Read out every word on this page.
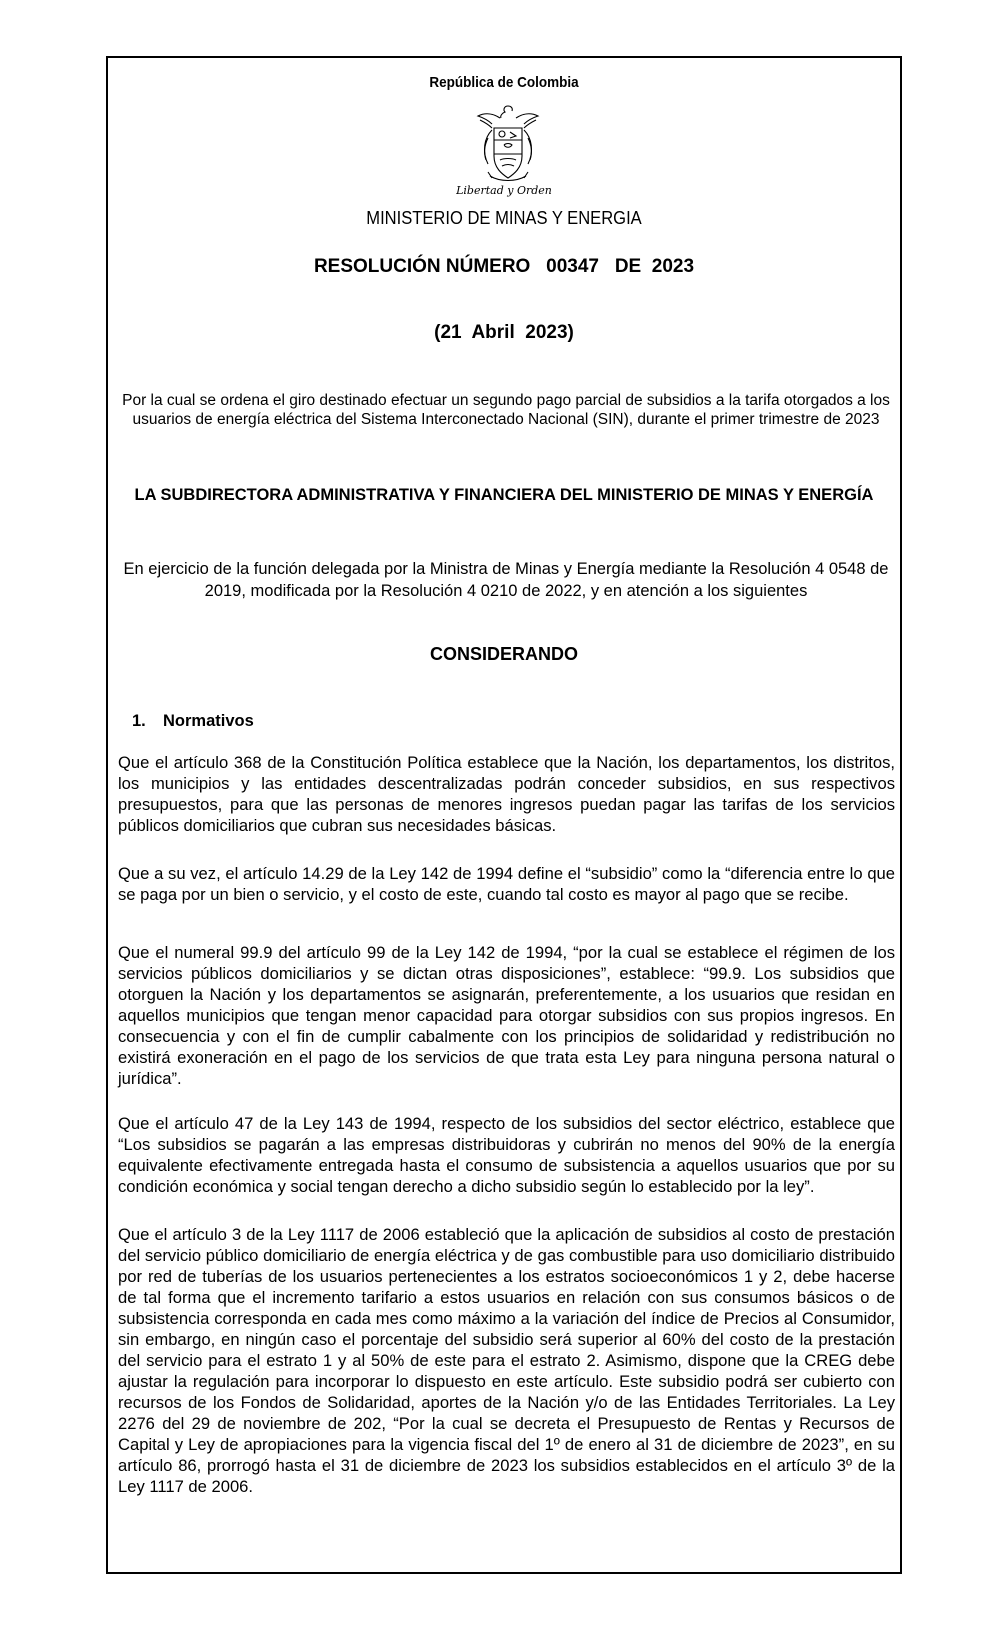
República de Colombia
Libertad y Orden
MINISTERIO DE MINAS Y ENERGIA
RESOLUCIÓN NÚMERO   00347   DE  2023
(21  Abril  2023)
Por la cual se ordena el giro destinado efectuar un segundo pago parcial de subsidios a la tarifa otorgados a los usuarios de energía eléctrica del Sistema Interconectado Nacional (SIN), durante el primer trimestre de 2023
LA SUBDIRECTORA ADMINISTRATIVA Y FINANCIERA DEL MINISTERIO DE MINAS Y ENERGÍA
En ejercicio de la función delegada por la Ministra de Minas y Energía mediante la Resolución 4 0548 de 2019, modificada por la Resolución 4 0210 de 2022, y en atención a los siguientes
CONSIDERANDO
1. Normativos
Que el artículo 368 de la Constitución Política establece que la Nación, los departamentos, los distritos, los municipios y las entidades descentralizadas podrán conceder subsidios, en sus respectivos presupuestos, para que las personas de menores ingresos puedan pagar las tarifas de los servicios públicos domiciliarios que cubran sus necesidades básicas.
Que a su vez, el artículo 14.29 de la Ley 142 de 1994 define el “subsidio” como la “diferencia entre lo que se paga por un bien o servicio, y el costo de este, cuando tal costo es mayor al pago que se recibe.
Que el numeral 99.9 del artículo 99 de la Ley 142 de 1994, “por la cual se establece el régimen de los servicios públicos domiciliarios y se dictan otras disposiciones”, establece: “99.9. Los subsidios que otorguen la Nación y los departamentos se asignarán, preferentemente, a los usuarios que residan en aquellos municipios que tengan menor capacidad para otorgar subsidios con sus propios ingresos. En consecuencia y con el fin de cumplir cabalmente con los principios de solidaridad y redistribución no existirá exoneración en el pago de los servicios de que trata esta Ley para ninguna persona natural o jurídica”.
Que el artículo 47 de la Ley 143 de 1994, respecto de los subsidios del sector eléctrico, establece que “Los subsidios se pagarán a las empresas distribuidoras y cubrirán no menos del 90% de la energía equivalente efectivamente entregada hasta el consumo de subsistencia a aquellos usuarios que por su condición económica y social tengan derecho a dicho subsidio según lo establecido por la ley”.
Que el artículo 3 de la Ley 1117 de 2006 estableció que la aplicación de subsidios al costo de prestación del servicio público domiciliario de energía eléctrica y de gas combustible para uso domiciliario distribuido por red de tuberías de los usuarios pertenecientes a los estratos socioeconómicos 1 y 2, debe hacerse de tal forma que el incremento tarifario a estos usuarios en relación con sus consumos básicos o de subsistencia corresponda en cada mes como máximo a la variación del índice de Precios al Consumidor, sin embargo, en ningún caso el porcentaje del subsidio será superior al 60% del costo de la prestación del servicio para el estrato 1 y al 50% de este para el estrato 2. Asimismo, dispone que la CREG debe ajustar la regulación para incorporar lo dispuesto en este artículo. Este subsidio podrá ser cubierto con recursos de los Fondos de Solidaridad, aportes de la Nación y/o de las Entidades Territoriales. La Ley 2276 del 29 de noviembre de 202, “Por la cual se decreta el Presupuesto de Rentas y Recursos de Capital y Ley de apropiaciones para la vigencia fiscal del 1º de enero al 31 de diciembre de 2023”, en su artículo 86, prorrogó hasta el 31 de diciembre de 2023 los subsidios establecidos en el artículo 3º de la Ley 1117 de 2006.
